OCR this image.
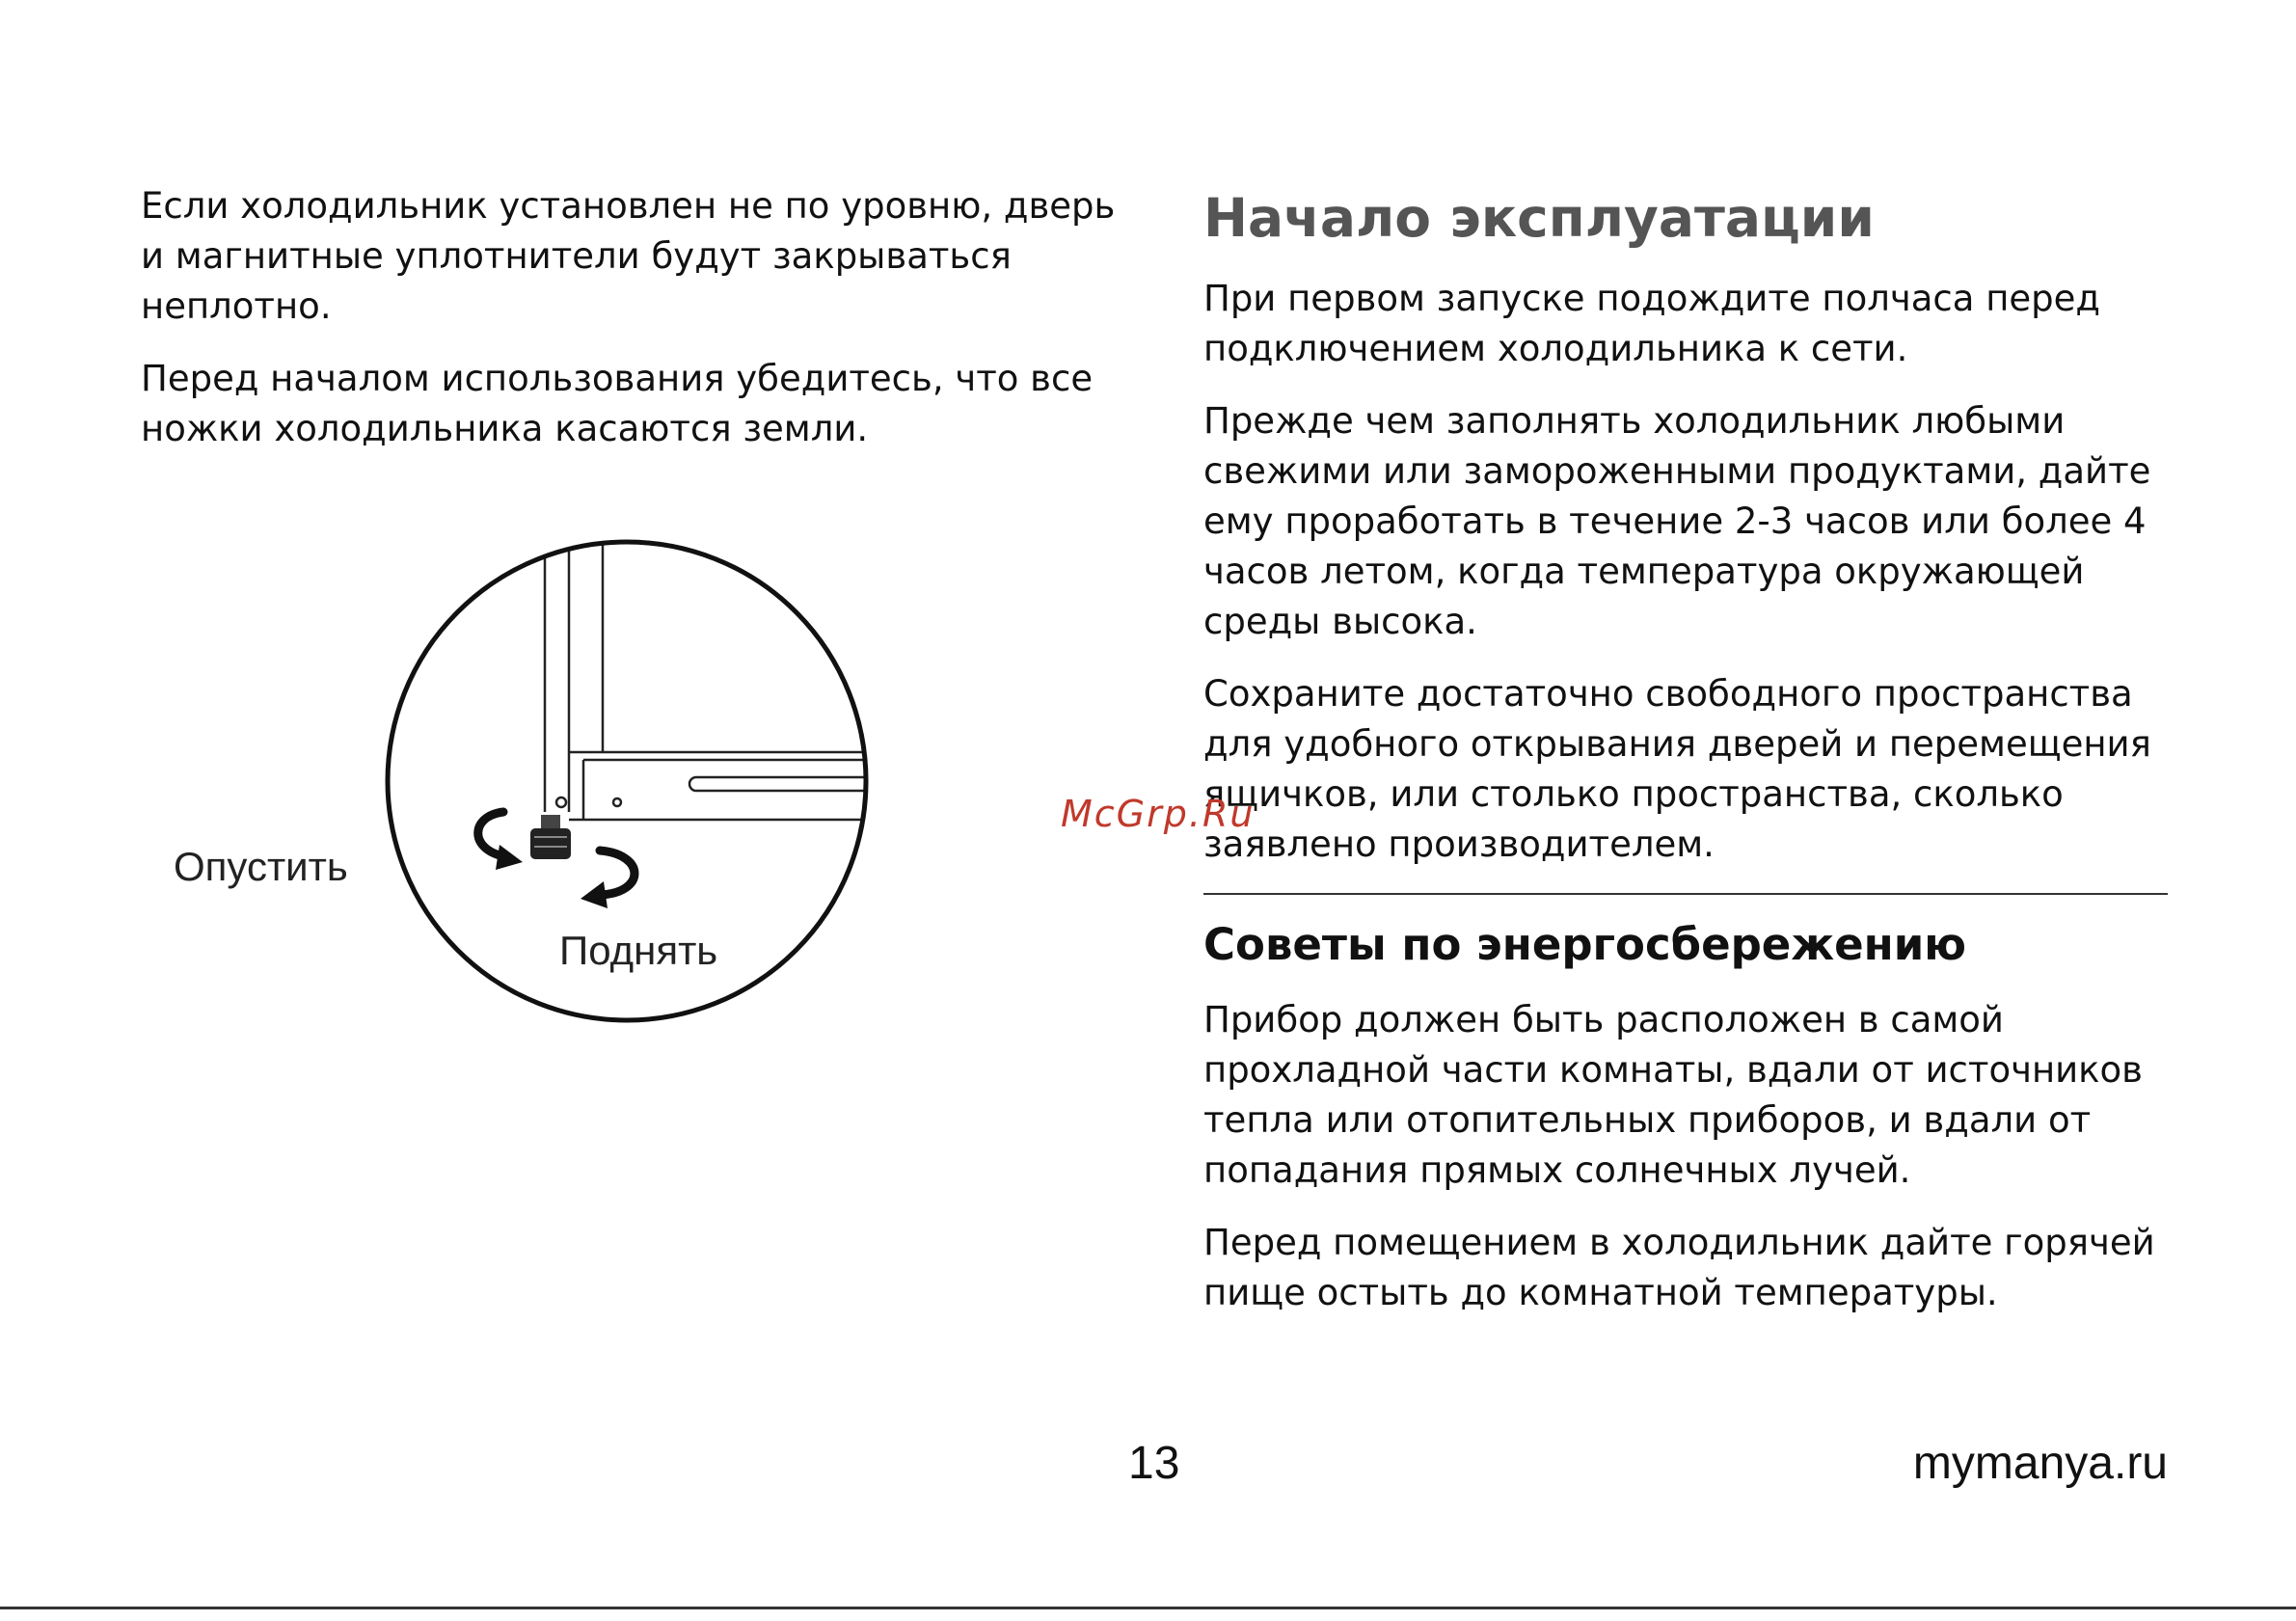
Если холодильник установлен не по уровню, дверь и магнитные уплотнители будут закрываться неплотно.

Перед началом использования убедитесь, что все ножки холодильника касаются земли.

Опустить
Поднять
Начало эксплуатации

При первом запуске подождите полчаса перед подключением холодильника к сети.

Прежде чем заполнять холодильник любыми свежими или замороженными продуктами, дайте ему проработать в течение 2-3 часов или более 4 часов летом, когда температура окружающей среды высока.

Сохраните достаточно свободного пространства для удобного открывания дверей и перемещения ящичков, или столько пространства, сколько заявлено производителем.

Советы по энергосбережению

Прибор должен быть расположен в самой прохладной части комнаты, вдали от источников тепла или отопительных приборов, и вдали от попадания прямых солнечных лучей.

Перед помещением в холодильник дайте горячей пище остыть до комнатной температуры.

McGrp.Ru
13	mymanya.ru
